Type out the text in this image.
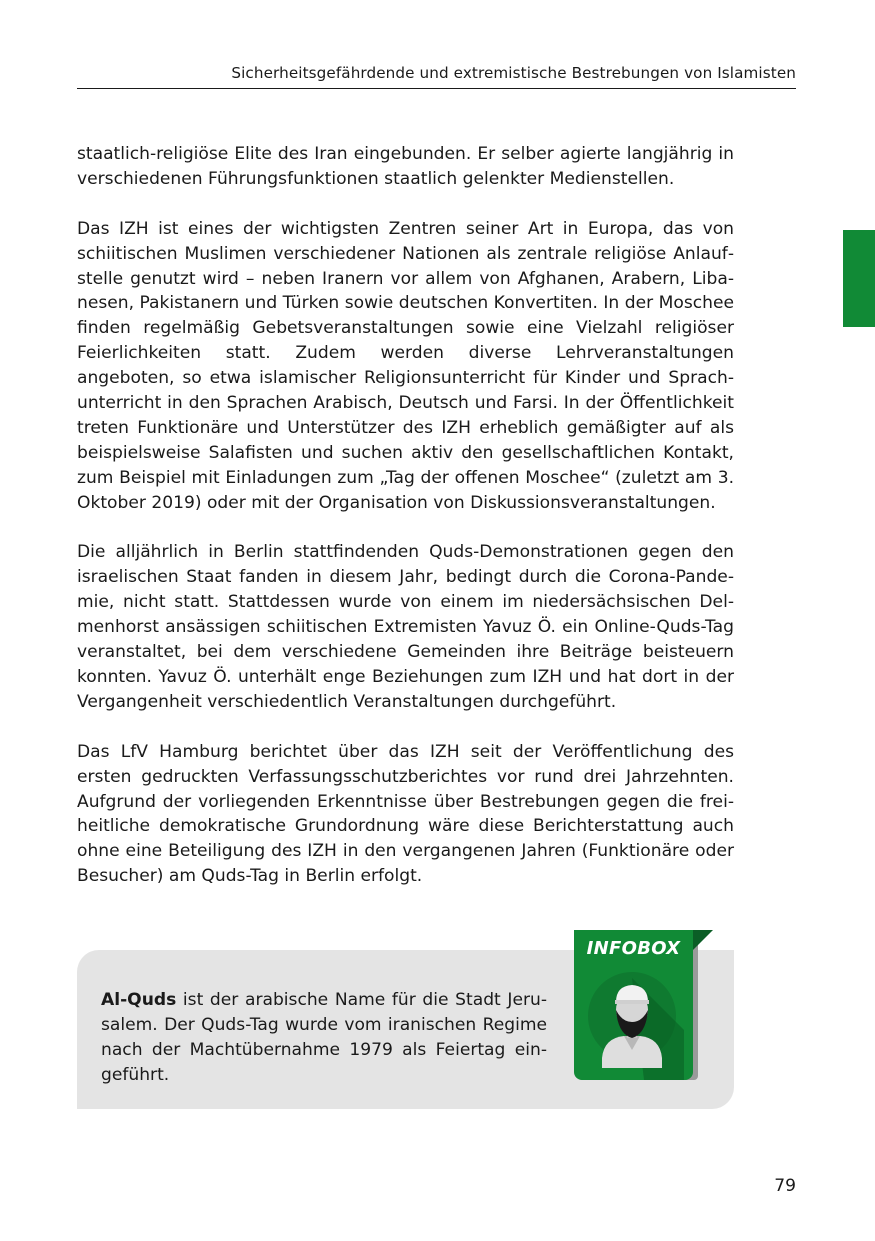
Sicherheitsgefährdende und extremistische Bestrebungen von Islamisten

staatlich-religiöse Elite des Iran eingebunden. Er selber agierte langjährig in verschiedenen Führungsfunktionen staatlich gelenkter Medienstellen.

Das IZH ist eines der wichtigsten Zentren seiner Art in Europa, das von schiitischen Muslimen verschiedener Nationen als zentrale religiöse Anlaufstelle genutzt wird – neben Iranern vor allem von Afghanen, Arabern, Libanesen, Pakistanern und Türken sowie deutschen Konvertiten. In der Moschee finden regelmäßig Gebetsveranstaltungen sowie eine Vielzahl religiöser Feierlichkeiten statt. Zudem werden diverse Lehrveranstaltungen angeboten, so etwa islamischer Religionsunterricht für Kinder und Sprachunterricht in den Sprachen Arabisch, Deutsch und Farsi. In der Öffentlichkeit treten Funktionäre und Unterstützer des IZH erheblich gemäßigter auf als beispielsweise Salafisten und suchen aktiv den gesellschaftlichen Kontakt, zum Beispiel mit Einladungen zum „Tag der offenen Moschee“ (zuletzt am 3. Oktober 2019) oder mit der Organisation von Diskussionsveranstaltungen.

Die alljährlich in Berlin stattfindenden Quds-Demonstrationen gegen den israelischen Staat fanden in diesem Jahr, bedingt durch die Corona-Pandemie, nicht statt. Stattdessen wurde von einem im niedersächsischen Delmenhorst ansässigen schiitischen Extremisten Yavuz Ö. ein Online-Quds-Tag veranstaltet, bei dem verschiedene Gemeinden ihre Beiträge beisteuern konnten. Yavuz Ö. unterhält enge Beziehungen zum IZH und hat dort in der Vergangenheit verschiedentlich Veranstaltungen durchgeführt.

Das LfV Hamburg berichtet über das IZH seit der Veröffentlichung des ersten gedruckten Verfassungsschutzberichtes vor rund drei Jahrzehnten. Aufgrund der vorliegenden Erkenntnisse über Bestrebungen gegen die freiheitliche demokratische Grundordnung wäre diese Berichterstattung auch ohne eine Beteiligung des IZH in den vergangenen Jahren (Funktionäre oder Besucher) am Quds-Tag in Berlin erfolgt.

Al-Quds ist der arabische Name für die Stadt Jerusalem. Der Quds-Tag wurde vom iranischen Regime nach der Machtübernahme 1979 als Feiertag eingeführt.
INFOBOX
79
